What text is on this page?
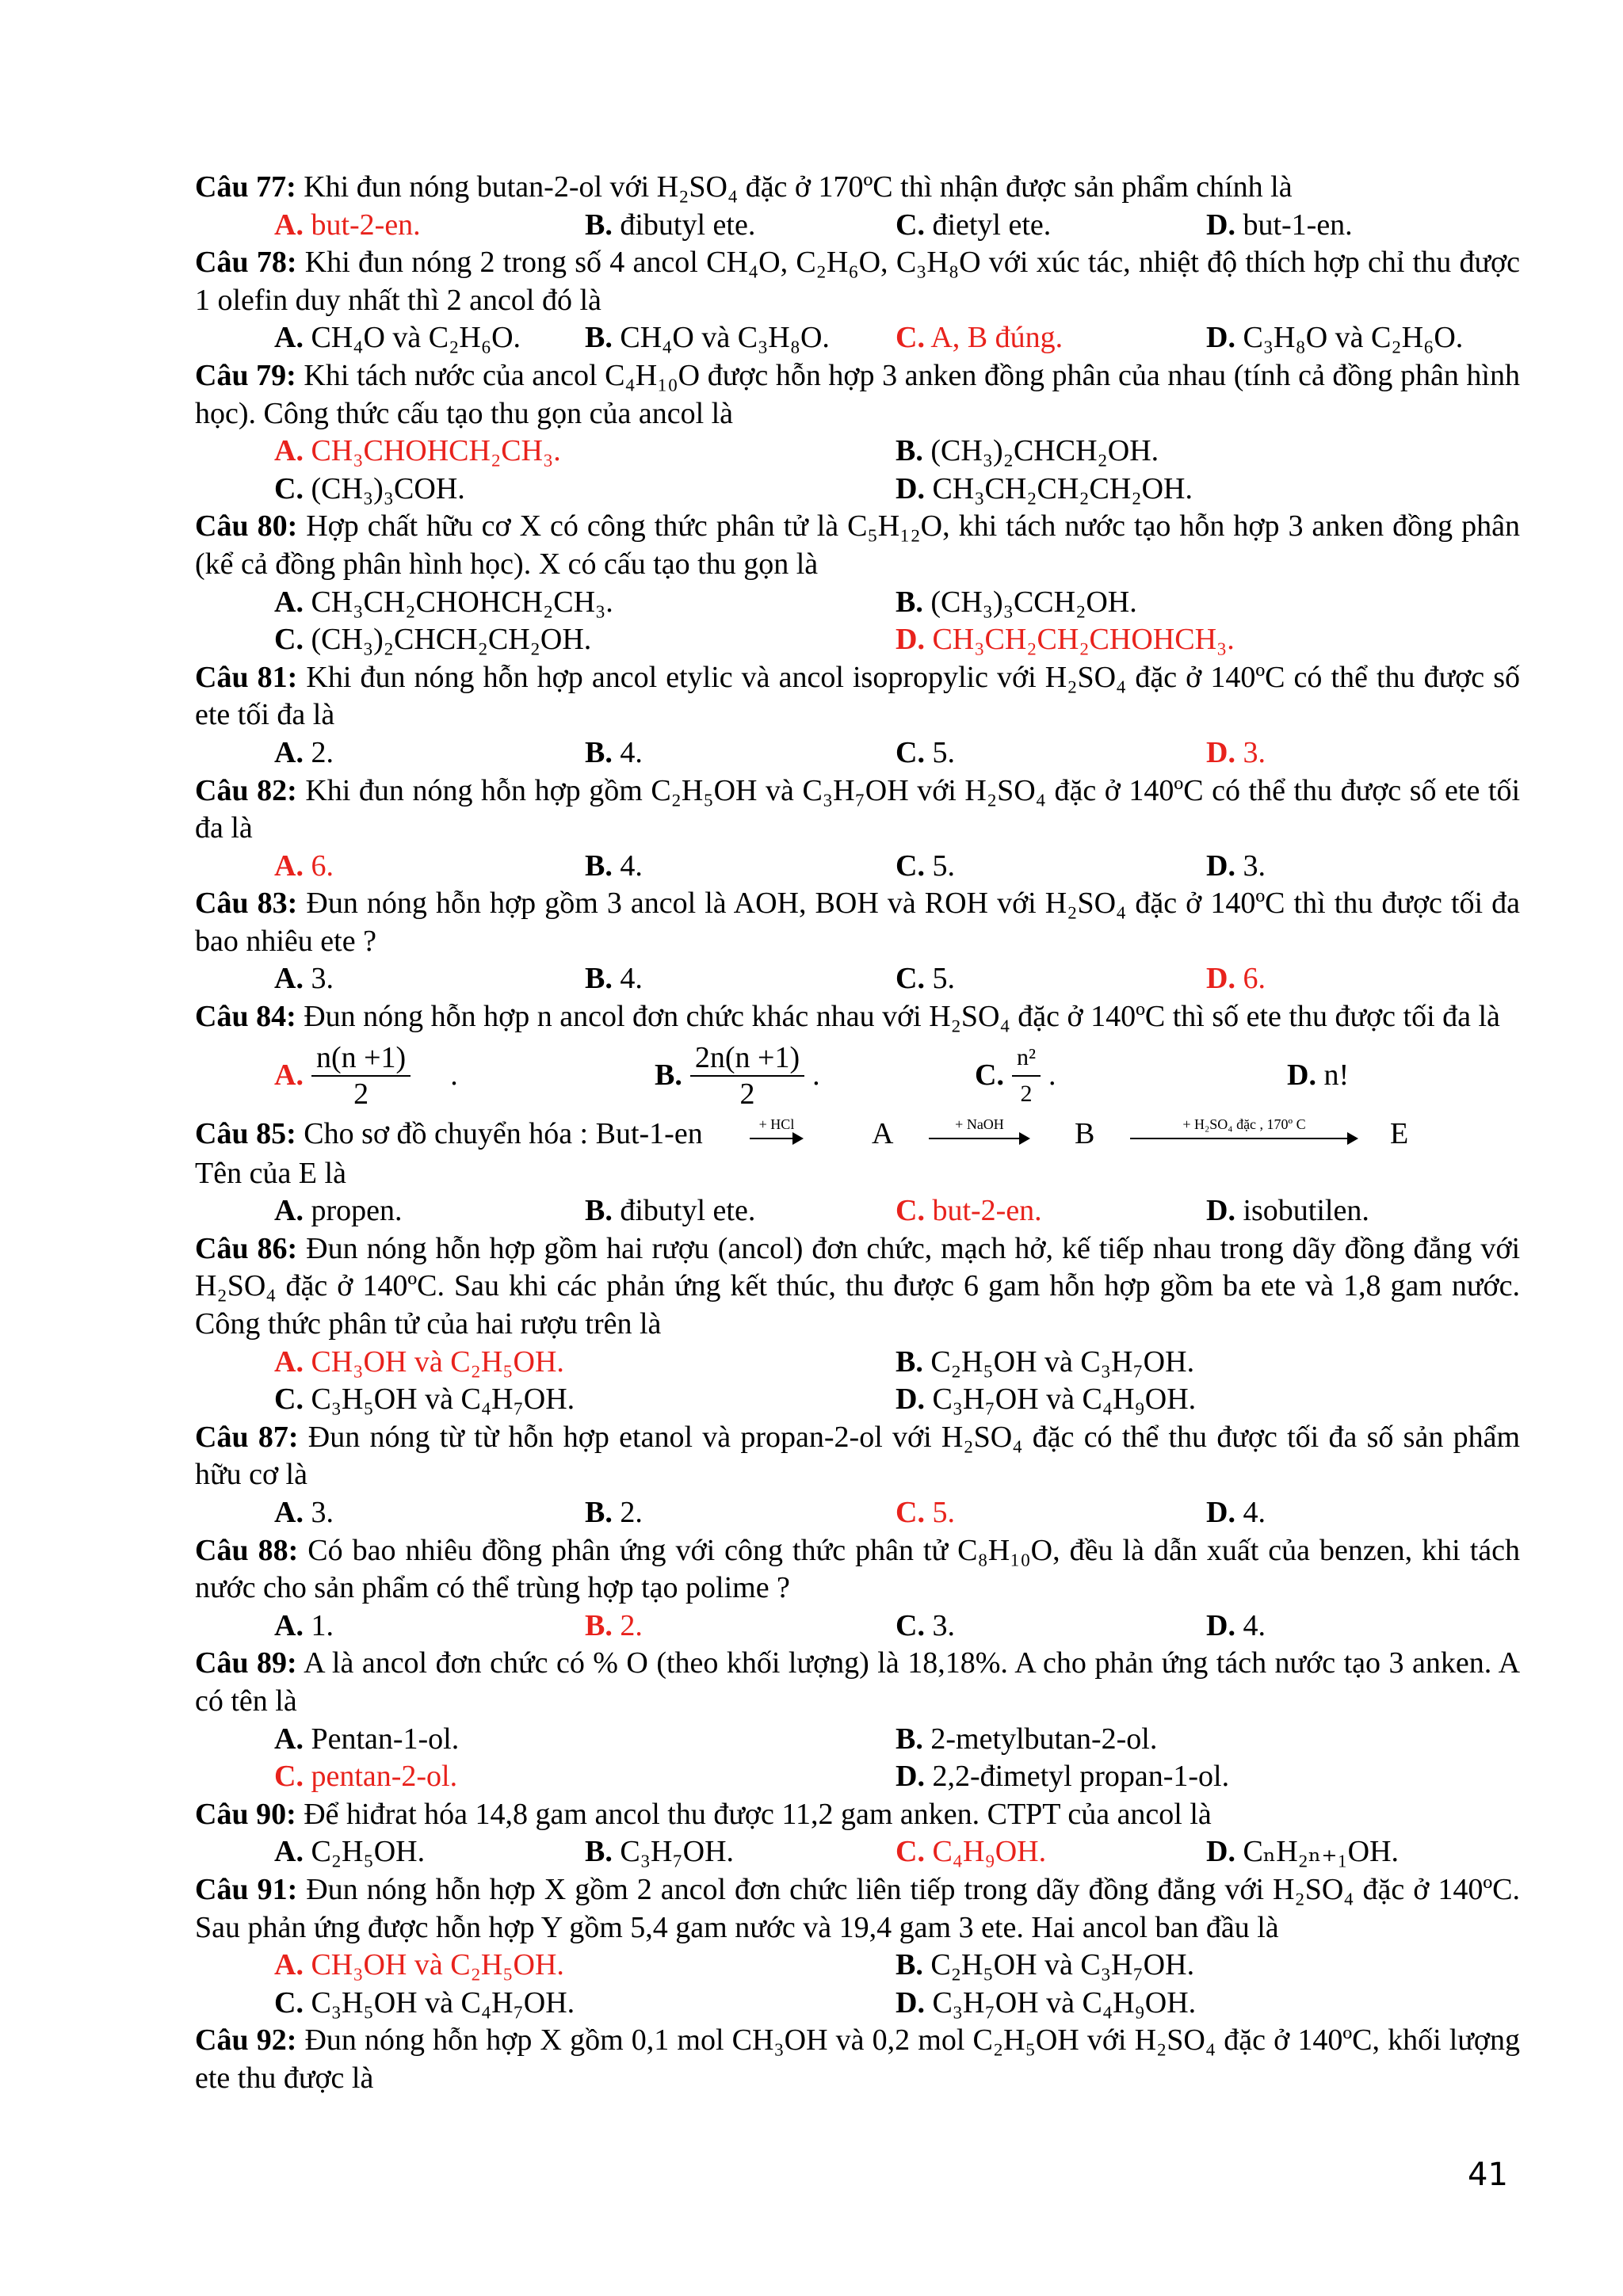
Câu 77: Khi đun nóng butan-2-ol với H₂SO₄ đặc ở 170ºC thì nhận được sản phẩm chính là

A. but-2-en.	B. đibutyl ete.	C. đietyl ete.	D. but-1-en.

Câu 78: Khi đun nóng 2 trong số 4 ancol CH₄O, C₂H₆O, C₃H₈O với xúc tác, nhiệt độ thích hợp chỉ thu được 1 olefin duy nhất thì 2 ancol đó là

A. CH₄O và C₂H₆O.	B. CH₄O và C₃H₈O.	C. A, B đúng.	D. C₃H₈O và C₂H₆O.

Câu 79: Khi tách nước của ancol C₄H₁₀O được hỗn hợp 3 anken đồng phân của nhau (tính cả đồng phân hình học). Công thức cấu tạo thu gọn của ancol là

A. CH₃CHOHCH₂CH₃.	B. (CH₃)₂CHCH₂OH.
C. (CH₃)₃COH.	D. CH₃CH₂CH₂CH₂OH.

Câu 80: Hợp chất hữu cơ X có công thức phân tử là C₅H₁₂O, khi tách nước tạo hỗn hợp 3 anken đồng phân (kể cả đồng phân hình học). X có cấu tạo thu gọn là

A. CH₃CH₂CHOHCH₂CH₃.	B. (CH₃)₃CCH₂OH.
C. (CH₃)₂CHCH₂CH₂OH.	D. CH₃CH₂CH₂CHOHCH₃.

Câu 81: Khi đun nóng hỗn hợp ancol etylic và ancol isopropylic với H₂SO₄ đặc ở 140ºC có thể thu được số ete tối đa là

A. 2.	B. 4.	C. 5.	D. 3.

Câu 82: Khi đun nóng hỗn hợp gồm C₂H₅OH và C₃H₇OH với H₂SO₄ đặc ở 140ºC có thể thu được số ete tối đa là

A. 6.	B. 4.	C. 5.	D. 3.

Câu 83: Đun nóng hỗn hợp gồm 3 ancol là AOH, BOH và ROH với H₂SO₄ đặc ở 140ºC thì thu được tối đa bao nhiêu ete ?

A. 3.	B. 4.	C. 5.	D. 6.

Câu 84: Đun nóng hỗn hợp n ancol đơn chức khác nhau với H₂SO₄ đặc ở 140ºC thì số ete thu được tối đa là

A. $\frac{n(n +1)}{2}$ .	B. $\frac{2n(n +1)}{2}$ .	C. $\frac{\text{n²}}{2}$ .	D.
n!
Câu 85: Cho sơ đồ chuyển hóa : But-1-en	+ HCl	A	+ NaOH	B	+ H₂SO₄ đặc , 170º C	E

Tên của E là

A. propen.	B. đibutyl ete.	C. but-2-en.	D. isobutilen.

Câu 86: Đun nóng hỗn hợp gồm hai rượu (ancol) đơn chức, mạch hở, kế tiếp nhau trong dãy đồng đẳng với H₂SO₄ đặc ở 140ºC. Sau khi các phản ứng kết thúc, thu được 6 gam hỗn hợp gồm ba ete và 1,8 gam nước. Công thức phân tử của hai rượu trên là

A. CH₃OH và C₂H₅OH.	B. C₂H₅OH và C₃H₇OH.
C. C₃H₅OH và C₄H₇OH.	D. C₃H₇OH và C₄H₉OH.

Câu 87: Đun nóng từ từ hỗn hợp etanol và propan-2-ol với H₂SO₄ đặc có thể thu được tối đa số sản phẩm hữu cơ là

A. 3.	B. 2.	C. 5.	D. 4.

Câu 88: Có bao nhiêu đồng phân ứng với công thức phân tử C₈H₁₀O, đều là dẫn xuất của benzen, khi tách nước cho sản phẩm có thể trùng hợp tạo polime ?

A. 1.	B. 2.	C. 3.	D. 4.

Câu 89: A là ancol đơn chức có % O (theo khối lượng) là 18,18%. A cho phản ứng tách nước tạo 3 anken. A có tên là

A. Pentan-1-ol.	B. 2-metylbutan-2-ol.
C. pentan-2-ol.	D. 2,2-đimetyl propan-1-ol.

Câu 90: Để hiđrat hóa 14,8 gam ancol thu được 11,2 gam anken. CTPT của ancol là

A. C₂H₅OH.	B. C₃H₇OH.	C. C₄H₉OH.	D. CₙH₂ₙ₊₁OH.

Câu 91: Đun nóng hỗn hợp X gồm 2 ancol đơn chức liên tiếp trong dãy đồng đẳng với H₂SO₄ đặc ở 140ºC. Sau phản ứng được hỗn hợp Y gồm 5,4 gam nước và 19,4 gam 3 ete. Hai ancol ban đầu là

A. CH₃OH và C₂H₅OH.	B. C₂H₅OH và C₃H₇OH.
C. C₃H₅OH và C₄H₇OH.	D. C₃H₇OH và C₄H₉OH.

Câu 92: Đun nóng hỗn hợp X gồm 0,1 mol CH₃OH và 0,2 mol C₂H₅OH với H₂SO₄ đặc ở 140ºC, khối lượng ete thu được là

41
